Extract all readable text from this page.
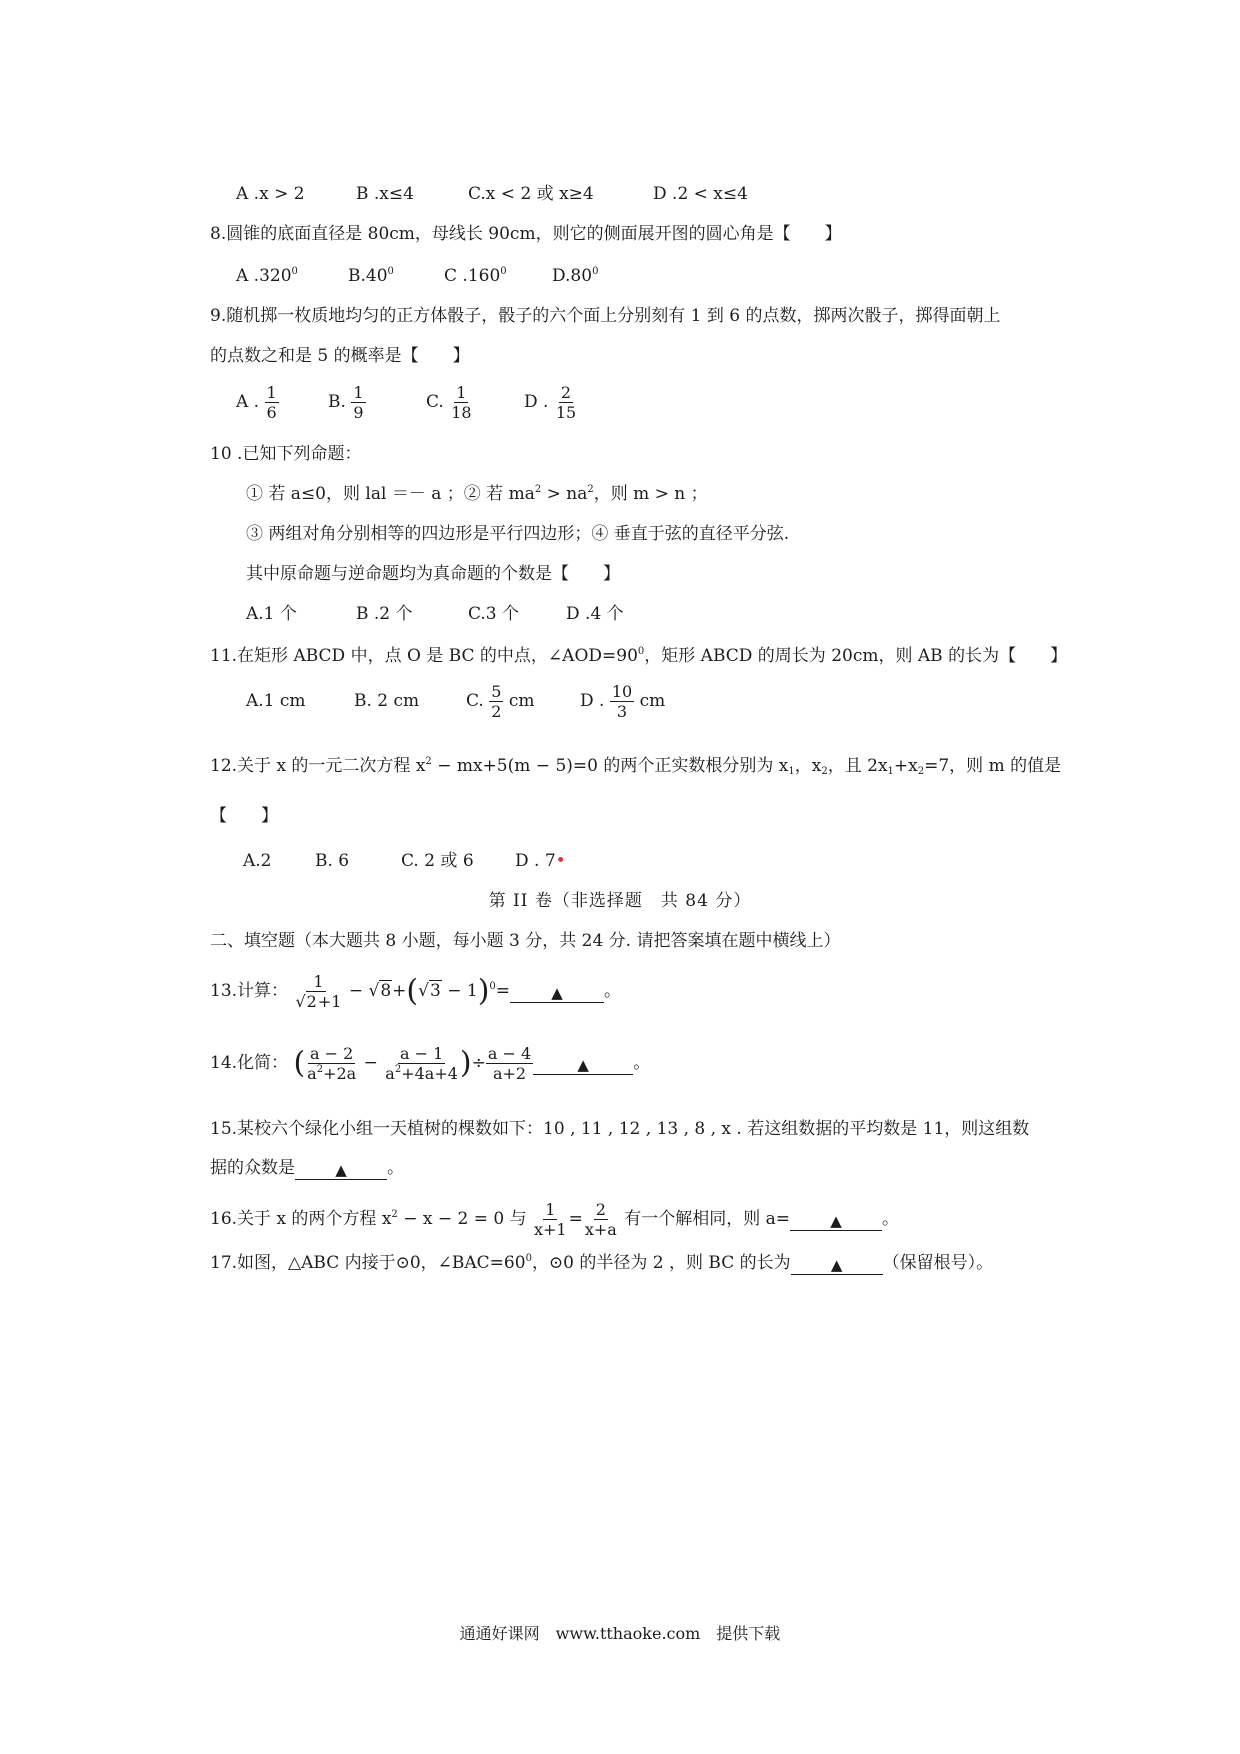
A .x > 2	B .x≤4	C.x < 2 或 x≥4	D .2 < x≤4
8.圆锥的底面直径是 80cm，母线长 90cm，则它的侧面展开图的圆心角是【　　】
A .320$^0$	$B.40^0$	C .160$^0$	$D.80^0$
9.随机掷一枚质地均匀的正方体骰子，骰子的六个面上分别刻有 1 到 6 的点数，掷两次骰子，掷得面朝上
的点数之和是 5 的概率是【　　】
A . $\frac{1}{6}$	B. $\frac{1}{9}$	C. $\frac{1}{18}$	D . $\frac{2}{15}$
10 .已知下列命题：
① 若 a≤0，则 lal ＝－ a ；② 若 $ma^2 > na^2$，则 m > n ；
③ 两组对角分别相等的四边形是平行四边形；④ 垂直于弦的直径平分弦.
其中原命题与逆命题均为真命题的个数是【　　】
A.1 个	B .2 个	C.3 个	D .4 个
11.在矩形 ABCD 中，点 O 是 BC 的中点，$\angle AOD=90^0$，矩形 ABCD 的周长为 20cm，则 AB 的长为【　　】
A.1 cm	B. 2 cm	C. $\frac{5}{2}$ cm	D . $\frac{10}{3}$ cm
12.关于 x 的一元二次方程 $x^2 - mx+5(m - 5)=0$ 的两个正实数根分别为 $x_1$，$x_2$，且 $2x_1+x_2=7$，则 m 的值是
【　　】
A.2	B. 6	C. 2 或 6 D . 7•
第 II 卷（非选择题　共 84 分）
二、填空题（本大题共 8 小题，每小题 3 分，共 24 分. 请把答案填在题中横线上）
13.计算： $\frac{1}{√2+1} - √8+(√3 - 1)^0=$	▲ 。
14.化简： ( $\frac{a - 2}{a^2+2a} - \frac{a - 1}{a^2+4a+4}$ )÷ $\frac{a - 4}{a+2}$	▲	。
15.某校六个绿化小组一天植树的棵数如下：10 , 11 , 12 , 13 , 8 , x . 若这组数据的平均数是 11，则这组数
据的众数是	▲ 。
16.关于 x 的两个方程 $x^2 - x - 2 = 0$ 与 $\frac{1}{x+1} = \frac{2}{x+a}$ 有一个解相同，则 a=	▲ 。
17.如图，△ABC 内接于⊙0，$\angle BAC=60^0$，⊙0 的半径为 2 ，则 BC 的长为	▲ （保留根号）。
通通好课网　www.tthaoke.com　提供下载
